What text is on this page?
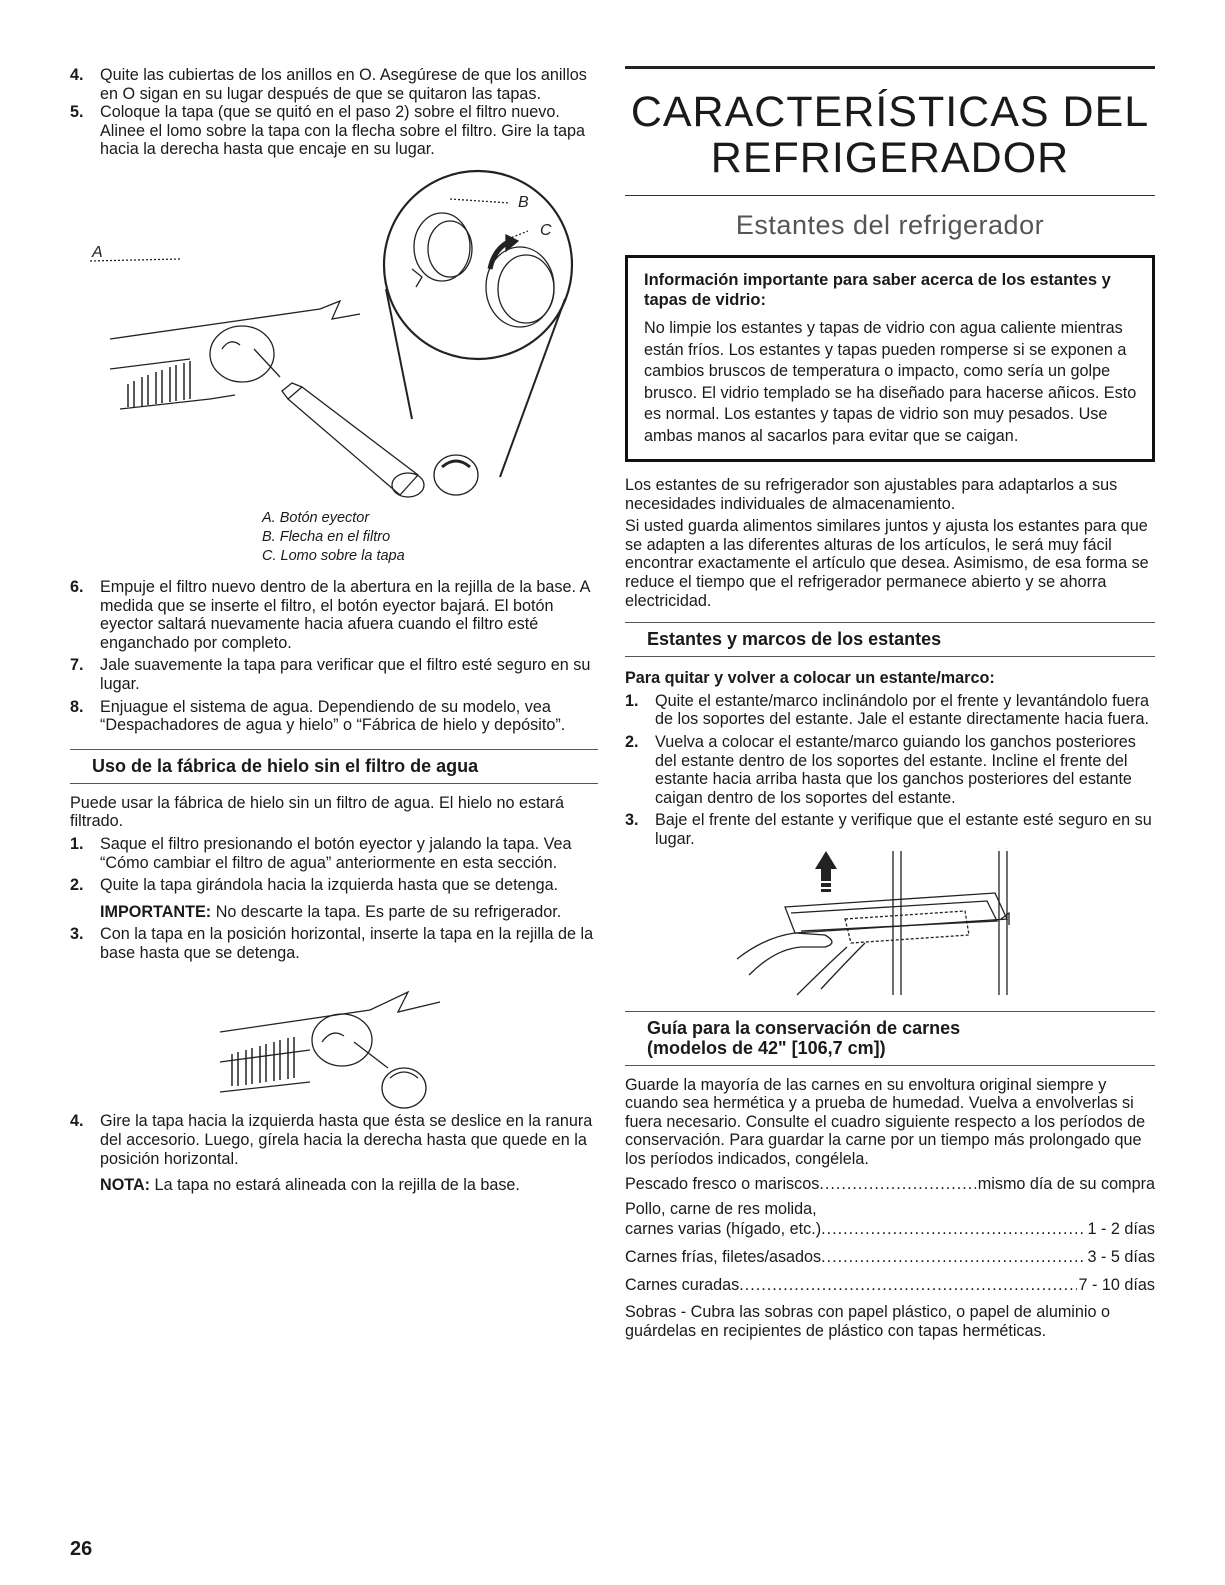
4. Quite las cubiertas de los anillos en O. Asegúrese de que los anillos en O sigan en su lugar después de que se quitaron las tapas.
5. Coloque la tapa (que se quitó en el paso 2) sobre el filtro nuevo. Alinee el lomo sobre la tapa con la flecha sobre el filtro. Gire la tapa hacia la derecha hasta que encaje en su lugar.
A
B
C
A. Botón eyector
B. Flecha en el filtro
C. Lomo sobre la tapa
6. Empuje el filtro nuevo dentro de la abertura en la rejilla de la base. A medida que se inserte el filtro, el botón eyector bajará. El botón eyector saltará nuevamente hacia afuera cuando el filtro esté enganchado por completo.
7. Jale suavemente la tapa para verificar que el filtro esté seguro en su lugar.
8. Enjuague el sistema de agua. Dependiendo de su modelo, vea “Despachadores de agua y hielo” o “Fábrica de hielo y depósito”.
Uso de la fábrica de hielo sin el filtro de agua

Puede usar la fábrica de hielo sin un filtro de agua. El hielo no estará filtrado.

1. Saque el filtro presionando el botón eyector y jalando la tapa. Vea “Cómo cambiar el filtro de agua” anteriormente en esta sección.
2. Quite la tapa girándola hacia la izquierda hasta que se detenga.
IMPORTANTE: No descarte la tapa. Es parte de su refrigerador.
3. Con la tapa en la posición horizontal, inserte la tapa en la rejilla de la base hasta que se detenga.
4. Gire la tapa hacia la izquierda hasta que ésta se deslice en la ranura del accesorio. Luego, gírela hacia la derecha hasta que quede en la posición horizontal.
NOTA: La tapa no estará alineada con la rejilla de la base.
CARACTERÍSTICAS DEL
REFRIGERADOR
Estantes del refrigerador
Información importante para saber acerca de los estantes y tapas de vidrio:
No limpie los estantes y tapas de vidrio con agua caliente mientras están fríos. Los estantes y tapas pueden romperse si se exponen a cambios bruscos de temperatura o impacto, como sería un golpe brusco. El vidrio templado se ha diseñado para hacerse añicos. Esto es normal. Los estantes y tapas de vidrio son muy pesados. Use ambas manos al sacarlos para evitar que se caigan.

Los estantes de su refrigerador son ajustables para adaptarlos a sus necesidades individuales de almacenamiento.

Si usted guarda alimentos similares juntos y ajusta los estantes para que se adapten a las diferentes alturas de los artículos, le será muy fácil encontrar exactamente el artículo que desea. Asimismo, de esa forma se reduce el tiempo que el refrigerador permanece abierto y se ahorra electricidad.

Estantes y marcos de los estantes
Para quitar y volver a colocar un estante/marco:
1. Quite el estante/marco inclinándolo por el frente y levantándolo fuera de los soportes del estante. Jale el estante directamente hacia fuera.
2. Vuelva a colocar el estante/marco guiando los ganchos posteriores del estante dentro de los soportes del estante. Incline el frente del estante hacia arriba hasta que los ganchos posteriores del estante caigan dentro de los soportes del estante.
3. Baje el frente del estante y verifique que el estante esté seguro en su lugar.
Guía para la conservación de carnes
(modelos de 42" [106,7 cm])

Guarde la mayoría de las carnes en su envoltura original siempre y cuando sea hermética y a prueba de humedad. Vuelva a envolverlas si fuera necesario. Consulte el cuadro siguiente respecto a los períodos de conservación. Para guardar la carne por un tiempo más prolongado que los períodos indicados, congélela.

Pescado fresco o mariscos .....	mismo día de su compra
Pollo, carne de res molida,
carnes varias (hígado, etc.) .....	1 - 2 días
Carnes frías, filetes/asados .....	3 - 5 días
Carnes curadas .....	7 - 10 días

Sobras - Cubra las sobras con papel plástico, o papel de aluminio o guárdelas en recipientes de plástico con tapas herméticas.

26
